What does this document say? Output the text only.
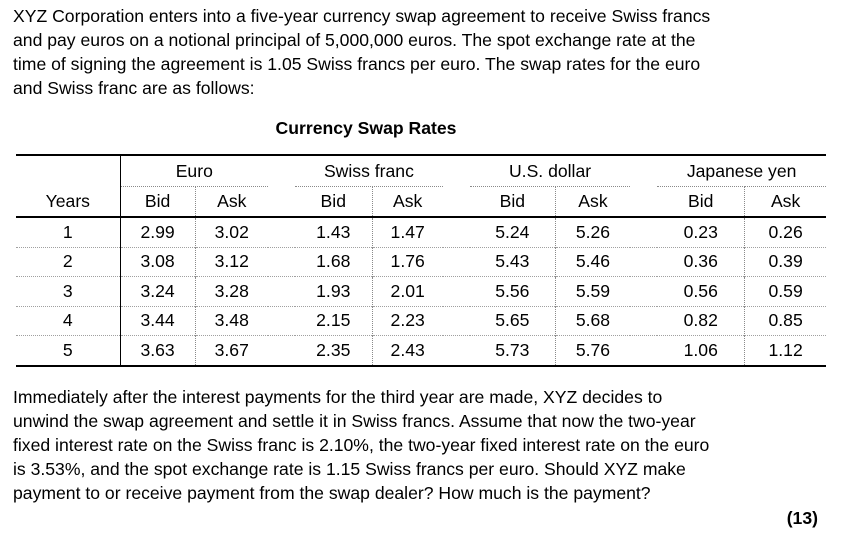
XYZ Corporation enters into a five-year currency swap agreement to receive Swiss francs
and pay euros on a notional principal of 5,000,000 euros. The spot exchange rate at the
time of signing the agreement is 1.05 Swiss francs per euro. The swap rates for the euro
and Swiss franc are as follows:
Currency Swap Rates
	Euro			Swiss franc			U.S. dollar			Japanese yen	
Years	Bid	Ask		Bid	Ask		Bid	Ask		Bid	Ask
1	2.99	3.02		1.43	1.47		5.24	5.26		0.23	0.26
2	3.08	3.12		1.68	1.76		5.43	5.46		0.36	0.39
3	3.24	3.28		1.93	2.01		5.56	5.59		0.56	0.59
4	3.44	3.48		2.15	2.23		5.65	5.68		0.82	0.85
5	3.63	3.67		2.35	2.43		5.73	5.76		1.06	1.12
Immediately after the interest payments for the third year are made, XYZ decides to
unwind the swap agreement and settle it in Swiss francs. Assume that now the two-year
fixed interest rate on the Swiss franc is 2.10%, the two-year fixed interest rate on the euro
is 3.53%, and the spot exchange rate is 1.15 Swiss francs per euro. Should XYZ make
payment to or receive payment from the swap dealer? How much is the payment?
(13)
